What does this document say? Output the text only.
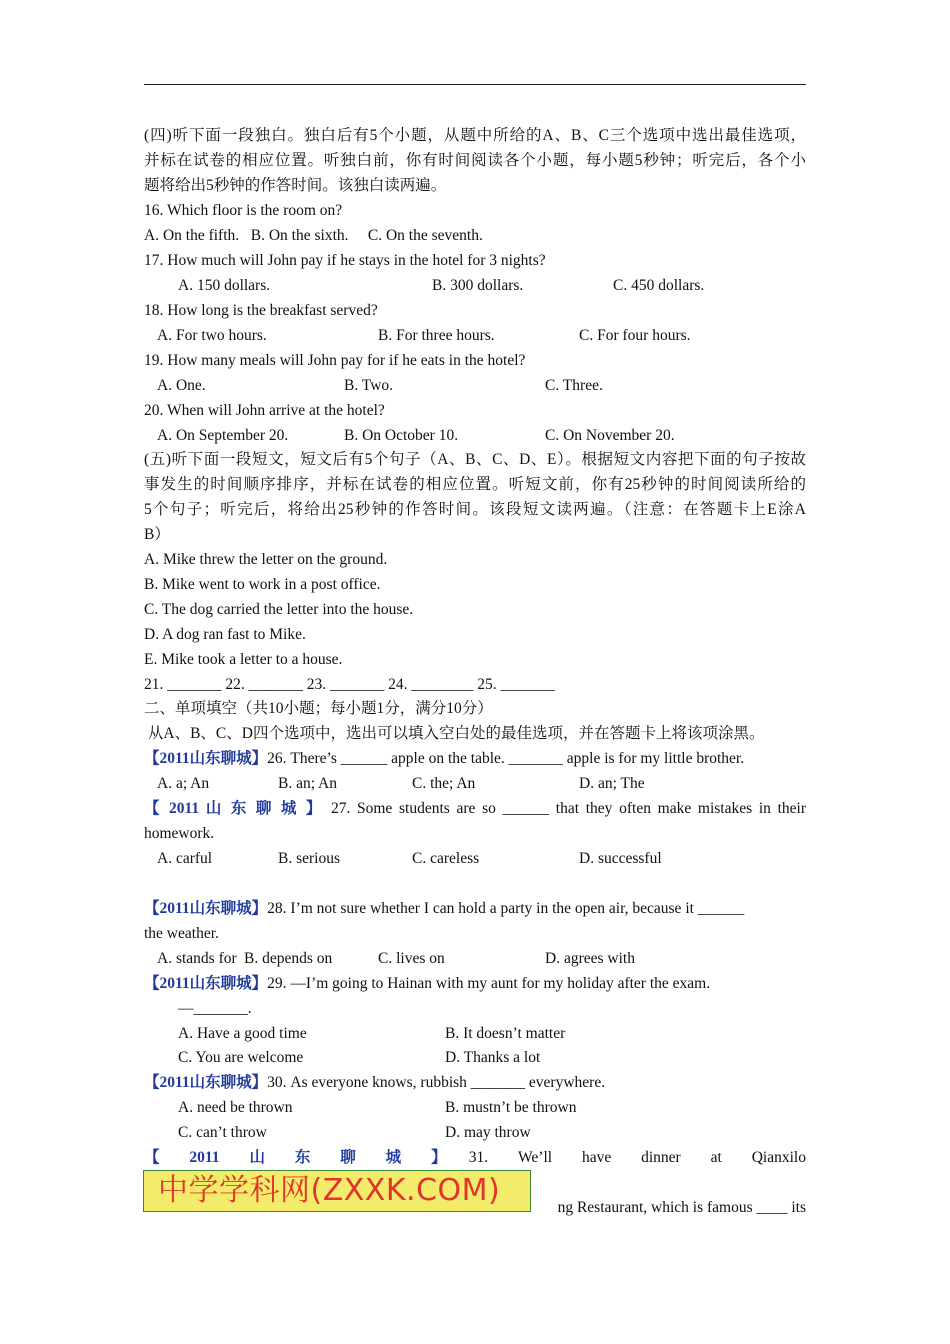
(四)听下面一段独白。独白后有5个小题，从题中所给的A、B、C三个选项中选出最佳选项，
并标在试卷的相应位置。听独白前，你有时间阅读各个小题，每小题5秒钟；听完后，各个小
题将给出5秒钟的作答时间。该独白读两遍。
16. Which floor is the room on?
A. On the fifth.   B. On the sixth.     C. On the seventh.
17. How much will John pay if he stays in the hotel for 3 nights?
A. 150 dollars.	B. 300 dollars.	C. 450 dollars.
18. How long is the breakfast served?
A. For two hours.	B. For three hours.	C. For four hours.
19. How many meals will John pay for if he eats in the hotel?
A. One.	B. Two.	C. Three.
20. When will John arrive at the hotel?
A. On September 20.	B. On October 10.	C. On November 20.
(五)听下面一段短文，短文后有5个句子（A、B、C、D、E）。根据短文内容把下面的句子按故
事发生的时间顺序排序，并标在试卷的相应位置。听短文前，你有25秒钟的时间阅读所给的
5个句子；听完后，将给出25秒钟的作答时间。该段短文读两遍。（注意：在答题卡上E涂A
B）
A. Mike threw the letter on the ground.
B. Mike went to work in a post office.
C. The dog carried the letter into the house.
D. A dog ran fast to Mike.
E. Mike took a letter to a house.
21. _______ 22. _______ 23. _______ 24. ________ 25. _______
二、单项填空（共10小题；每小题1分，满分10分）
从A、B、C、D四个选项中，选出可以填入空白处的最佳选项，并在答题卡上将该项涂黑。
【2011山东聊城】26. There’s ______ apple on the table. _______ apple is for my little brother.
A. a; An	B. an; An	C. the; An	D. an; The
【 2011 山 东 聊 城 】 27. Some students are so ______ that they often make mistakes in their
homework.
A. carful	B. serious	C. careless	D. successful
【2011山东聊城】28. I’m not sure whether I can hold a party in the open air, because it ______
the weather.
A. stands for B. depends on	C. lives on	D. agrees with
【2011山东聊城】29. —I’m going to Hainan with my aunt for my holiday after the exam.
—_______.
A. Have a good time	B. It doesn’t matter
C. You are welcome	D. Thanks a lot
【2011山东聊城】30. As everyone knows, rubbish _______ everywhere.
A. need be thrown	B. mustn’t be thrown
C. can’t throw	D. may throw
【　2011　山　东　聊　城　】　 31.　We’ll　have　dinner　at　Qianxilo
ng Restaurant, which is famous ____ its
中学学科网(ZXXK.COM)
